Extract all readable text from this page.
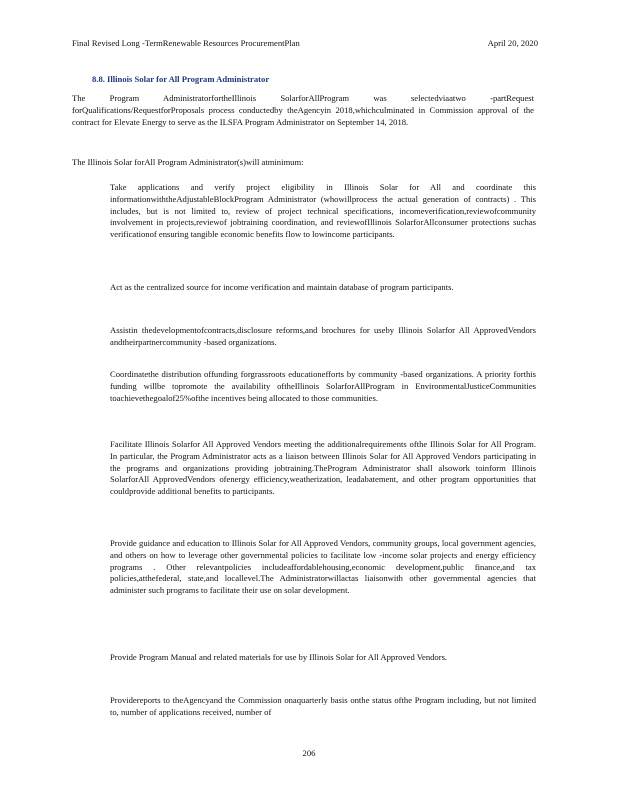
Final Revised Long -TermRenewable Resources ProcurementPlan	April 20, 2020
8.8. Illinois Solar for All Program Administrator
The Program AdministratorfortheIllinois SolarforAllProgram was selectedviaatwo -partRequest forQualifications/RequestforProposals process conductedby theAgencyin 2018,whichculminated in Commission approval of the contract for Elevate Energy to serve as the ILSFA Program Administrator on September 14, 2018.
The Illinois Solar forAll Program Administrator(s)will atminimum:
Take applications and verify project eligibility in Illinois Solar for All and coordinate this informationwiththeAdjustableBlockProgram Administrator (whowillprocess the actual generation of contracts) . This includes, but is not limited to, review of project technical specifications, incomeverification,reviewofcommunity involvement in projects,reviewof jobtraining coordination, and reviewofIllinois SolarforAllconsumer protections suchas verificationof ensuring tangible economic benefits flow to lowincome participants.
Act as the centralized source for income verification and maintain database of program participants.
Assistin thedevelopmentofcontracts,disclosure reforms,and brochures for useby Illinois Solarfor All ApprovedVendors andtheirpartnercommunity -based organizations.
Coordinatethe distribution offunding forgrassroots educationefforts by community -based organizations. A priority forthis funding willbe topromote the availability oftheIllinois SolarforAllProgram in EnvironmentalJusticeCommunities toachievethegoalof25%ofthe incentives being allocated to those communities.
Facilitate Illinois Solarfor All Approved Vendors meeting the additionalrequirements ofthe Illinois Solar for All Program. In particular, the Program Administrator acts as a liaison between Illinois Solar for All Approved Vendors participating in the programs and organizations providing jobtraining.TheProgram Administrator shall alsowork toinform Illinois SolarforAll ApprovedVendors ofenergy efficiency,weatherization, leadabatement, and other program opportunities that couldprovide additional benefits to participants.
Provide guidance and education to Illinois Solar for All Approved Vendors, community groups, local government agencies, and others on how to leverage other governmental policies to facilitate low -income solar projects and energy efficiency programs . Other relevantpolicies includeaffordablehousing,economic development,public finance,and tax policies,atthefederal, state,and locallevel.The Administratorwillactas liaisonwith other governmental agencies that administer such programs to facilitate their use on solar development.
Provide Program Manual and related materials for use by Illinois Solar for All Approved Vendors.
Providereports to theAgencyand the Commission onaquarterly basis onthe status ofthe Program including, but not limited to, number of applications received, number of
206
